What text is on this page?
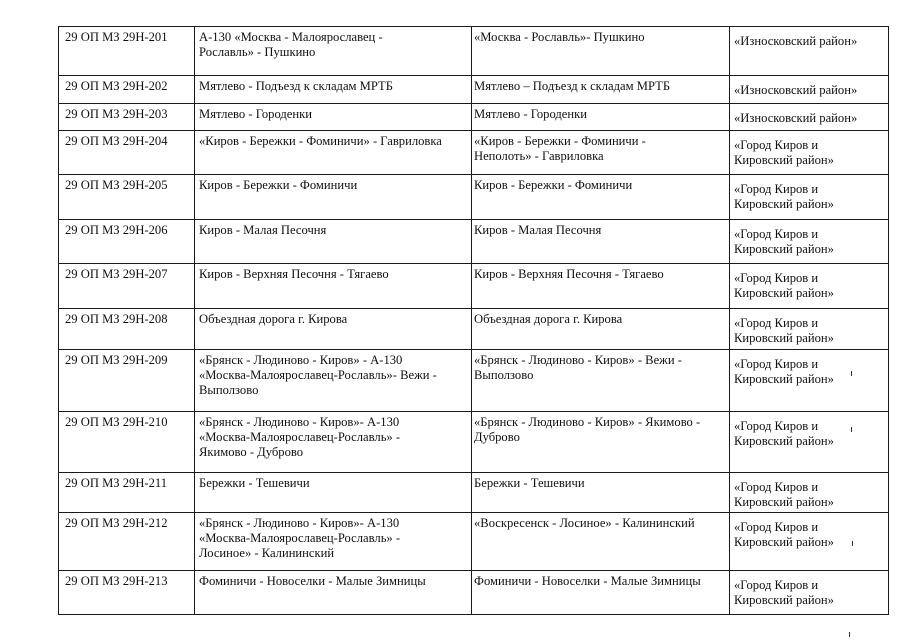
29 ОП МЗ 29Н-201	А-130 «Москва - Малоярославец -
Рославль» - Пушкино	«Москва - Рославль»- Пушкино	«Износковский район»

29 ОП МЗ 29Н-202	Мятлево - Подъезд к складам МРТБ	Мятлево – Подъезд к складам МРТБ	«Износковский район»

29 ОП МЗ 29Н-203	Мятлево - Городенки	Мятлево - Городенки	«Износковский район»

29 ОП МЗ 29Н-204	«Киров - Бережки - Фоминичи» - Гавриловка	«Киров - Бережки - Фоминичи -
Неполоть» - Гавриловка	«Город Киров и
Кировский район»

29 ОП МЗ 29Н-205	Киров - Бережки - Фоминичи	Киров - Бережки - Фоминичи	«Город Киров и
Кировский район»

29 ОП МЗ 29Н-206	Киров - Малая Песочня	Киров - Малая Песочня	«Город Киров и
Кировский район»

29 ОП МЗ 29Н-207	Киров - Верхняя Песочня - Тягаево	Киров - Верхняя Песочня - Тягаево	«Город Киров и
Кировский район»

29 ОП МЗ 29Н-208	Объездная дорога г. Кирова	Объездная дорога г. Кирова	«Город Киров и
Кировский район»

29 ОП МЗ 29Н-209	«Брянск - Людиново - Киров» - А-130
«Москва-Малоярославец-Рославль»- Вежи -
Выползово	«Брянск - Людиново - Киров» - Вежи -
Выползово	«Город Киров и
Кировский район»

29 ОП МЗ 29Н-210	«Брянск - Людиново - Киров»- А-130
«Москва-Малоярославец-Рославль» -
Якимово - Дуброво	«Брянск - Людиново - Киров» - Якимово -
Дуброво	«Город Киров и
Кировский район»

29 ОП МЗ 29Н-211	Бережки - Тешевичи	Бережки - Тешевичи	«Город Киров и
Кировский район»

29 ОП МЗ 29Н-212	«Брянск - Людиново - Киров»- А-130
«Москва-Малоярославец-Рославль» -
Лосиное» - Калининский	«Воскресенск - Лосиное» - Калининский	«Город Киров и
Кировский район»

29 ОП МЗ 29Н-213	Фоминичи - Новоселки - Малые Зимницы	Фоминичи - Новоселки - Малые Зимницы	«Город Киров и
Кировский район»
